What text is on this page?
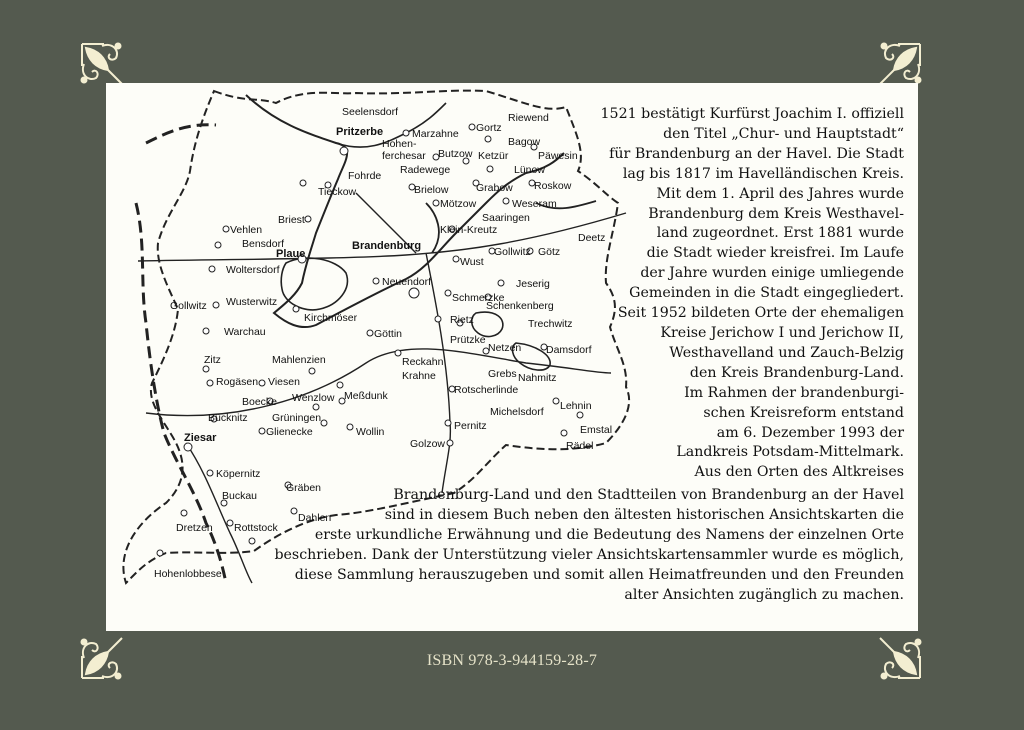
Seelensdorf	Riewend
Pritzerbe	Marzahne Gortz
Bagow
Päwesin
Hohen-
ferchesar Butzow Ketzür
Fohrde Radewege	Lünow
Tieckow	Grabow Roskow
Brielow
Mötzow	Weseram
Saaringen
Briest
Klein-Kreutz
Deetz
Vehlen
Bensdorf	Brandenburg	Gollwitz Götz
Plaue
Wust
Woltersdorf
Neuendorf	Jeserig
Schmerzke
Gollwitz Wusterwitz	Schenkenberg
Kirchmöser	Rietz	Trechwitz
Warchau	Göttin	Prützke
Damsdorf
Netzen
Zitz	Mahlenzien	Reckahn
Grebs Nahmitz
Rogäsen Viesen	Krahne
Rotscherlinde
Boecke Wenzlow Meßdunk
Michelsdorf Lehnin
Bücknitz Grüningen
Glienecke	Wollin	Pernitz	Emstal
Ziesar	Golzow	Rädel
Köpernitz
Gräben
Buckau
Dahlen
Rottstock
Dretzen
Hohenlobbese
1521 bestätigt Kurfürst Joachim I. offiziell
den Titel „Chur- und Hauptstadt“
für Brandenburg an der Havel. Die Stadt
lag bis 1817 im Havelländischen Kreis.
Mit dem 1. April des Jahres wurde
Brandenburg dem Kreis Westhavel-
land zugeordnet. Erst 1881 wurde
die Stadt wieder kreisfrei. Im Laufe
der Jahre wurden einige umliegende
Gemeinden in die Stadt eingegliedert.
Seit 1952 bildeten Orte der ehemaligen
Kreise Jerichow I und Jerichow II,
Westhavelland und Zauch-Belzig
den Kreis Brandenburg-Land.
Im Rahmen der brandenburgi-
schen Kreisreform entstand
am 6. Dezember 1993 der
Landkreis Potsdam-Mittelmark.
Aus den Orten des Altkreises
Brandenburg-Land und den Stadtteilen von Brandenburg an der Havel
sind in diesem Buch neben den ältesten historischen Ansichtskarten die
erste urkundliche Erwähnung und die Bedeutung des Namens der einzelnen Orte
beschrieben. Dank der Unterstützung vieler Ansichtskartensammler wurde es möglich,
diese Sammlung herauszugeben und somit allen Heimatfreunden und den Freunden
alter Ansichten zugänglich zu machen.
ISBN 978-3-944159-28-7
